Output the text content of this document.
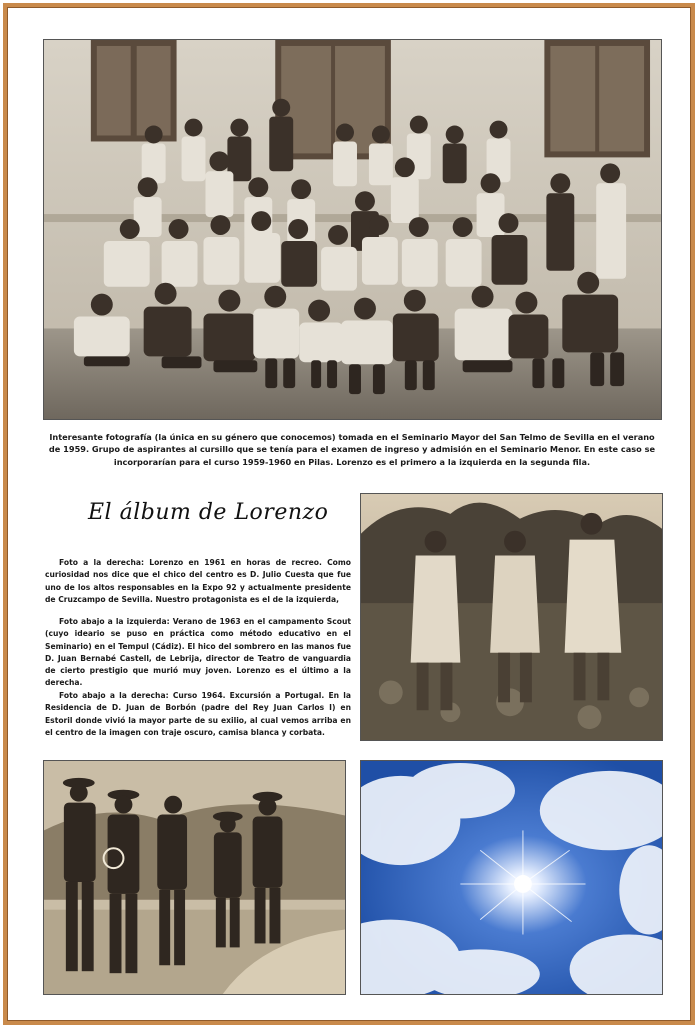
Interesante fotografía (la única en su género que conocemos) tomada en el Seminario Mayor del San Telmo de Sevilla en el verano de 1959. Grupo de aspirantes al cursillo que se tenía para el examen de ingreso y admisión en el Seminario Menor. En este caso se incorporarían para el curso 1959-1960 en Pilas. Lorenzo es el primero a la izquierda en la segunda fila.
El álbum de Lorenzo

Foto a la derecha: Lorenzo en 1961 en horas de recreo. Como curiosidad nos dice que el chico del centro es D. Julio Cuesta que fue uno de los altos responsables en la Expo 92 y actualmente presidente de Cruzcampo de Sevilla. Nuestro protagonista es el de la izquierda,

Foto abajo a la izquierda: Verano de 1963 en el campamento Scout (cuyo ideario se puso en práctica como método educativo en el Seminario) en el Tempul (Cádiz). El hico del sombrero en las manos fue D. Juan Bernabé Castell, de Lebrija, director de Teatro de vanguardia de cierto prestigio que murió muy joven. Lorenzo es el último a la derecha.

Foto abajo a la derecha: Curso 1964. Excursión a Portugal. En la Residencia de D. Juan de Borbón (padre del Rey Juan Carlos I) en Estoril donde vivió la mayor parte de su exilio, al cual vemos arriba en el centro de la imagen con traje oscuro, camisa blanca y corbata.
